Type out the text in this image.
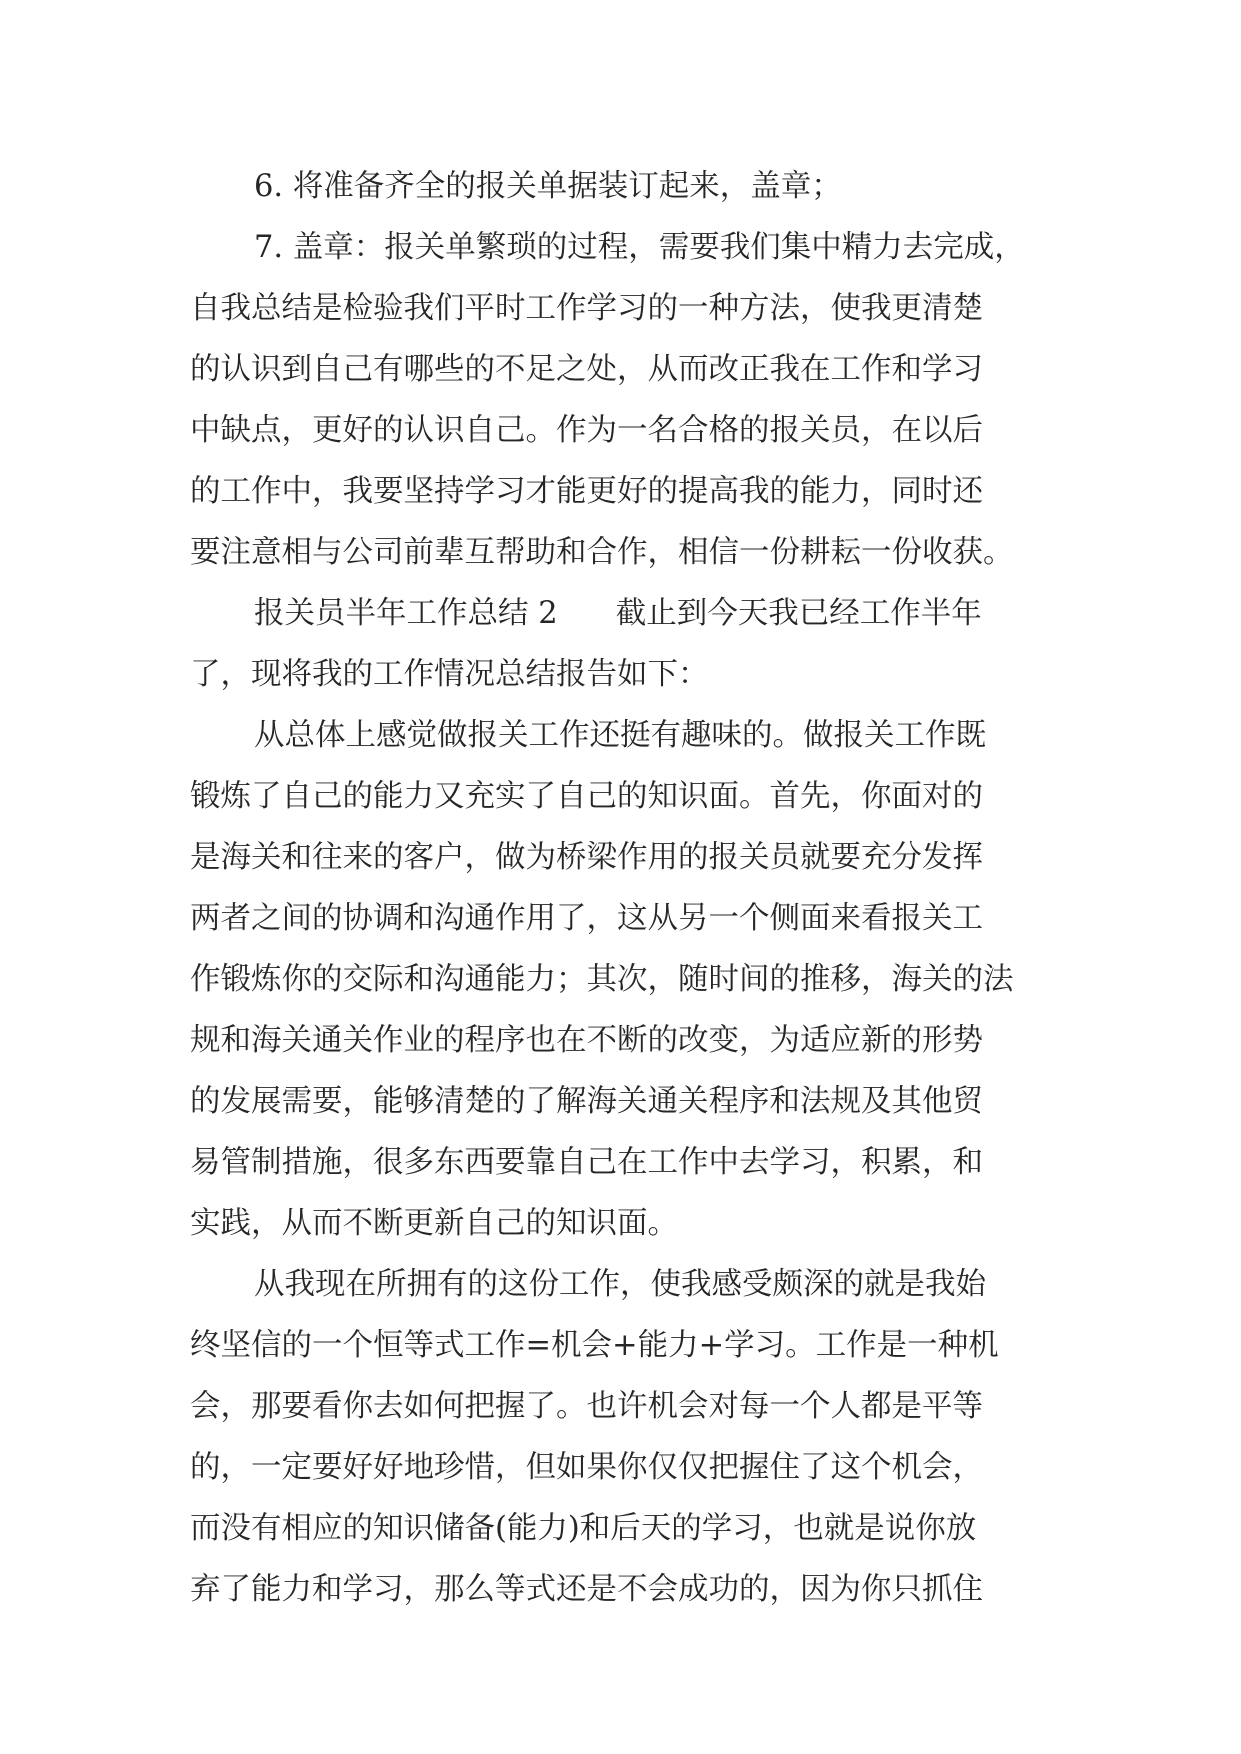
6. 将准备齐全的报关单据装订起来，盖章；
7. 盖章：报关单繁琐的过程，需要我们集中精力去完成，
自我总结是检验我们平时工作学习的一种方法，使我更清楚
的认识到自己有哪些的不足之处，从而改正我在工作和学习
中缺点，更好的认识自己。作为一名合格的报关员，在以后
的工作中，我要坚持学习才能更好的提高我的能力，同时还
要注意相与公司前辈互帮助和合作，相信一份耕耘一份收获。
报关员半年工作总结 2      截止到今天我已经工作半年
了，现将我的工作情况总结报告如下：
从总体上感觉做报关工作还挺有趣味的。做报关工作既
锻炼了自己的能力又充实了自己的知识面。首先，你面对的
是海关和往来的客户，做为桥梁作用的报关员就要充分发挥
两者之间的协调和沟通作用了，这从另一个侧面来看报关工
作锻炼你的交际和沟通能力；其次，随时间的推移，海关的法
规和海关通关作业的程序也在不断的改变，为适应新的形势
的发展需要，能够清楚的了解海关通关程序和法规及其他贸
易管制措施，很多东西要靠自己在工作中去学习，积累，和
实践，从而不断更新自己的知识面。
从我现在所拥有的这份工作，使我感受颇深的就是我始
终坚信的一个恒等式工作=机会+能力+学习。工作是一种机
会，那要看你去如何把握了。也许机会对每一个人都是平等
的，一定要好好地珍惜，但如果你仅仅把握住了这个机会，
而没有相应的知识储备(能力)和后天的学习，也就是说你放
弃了能力和学习，那么等式还是不会成功的，因为你只抓住
